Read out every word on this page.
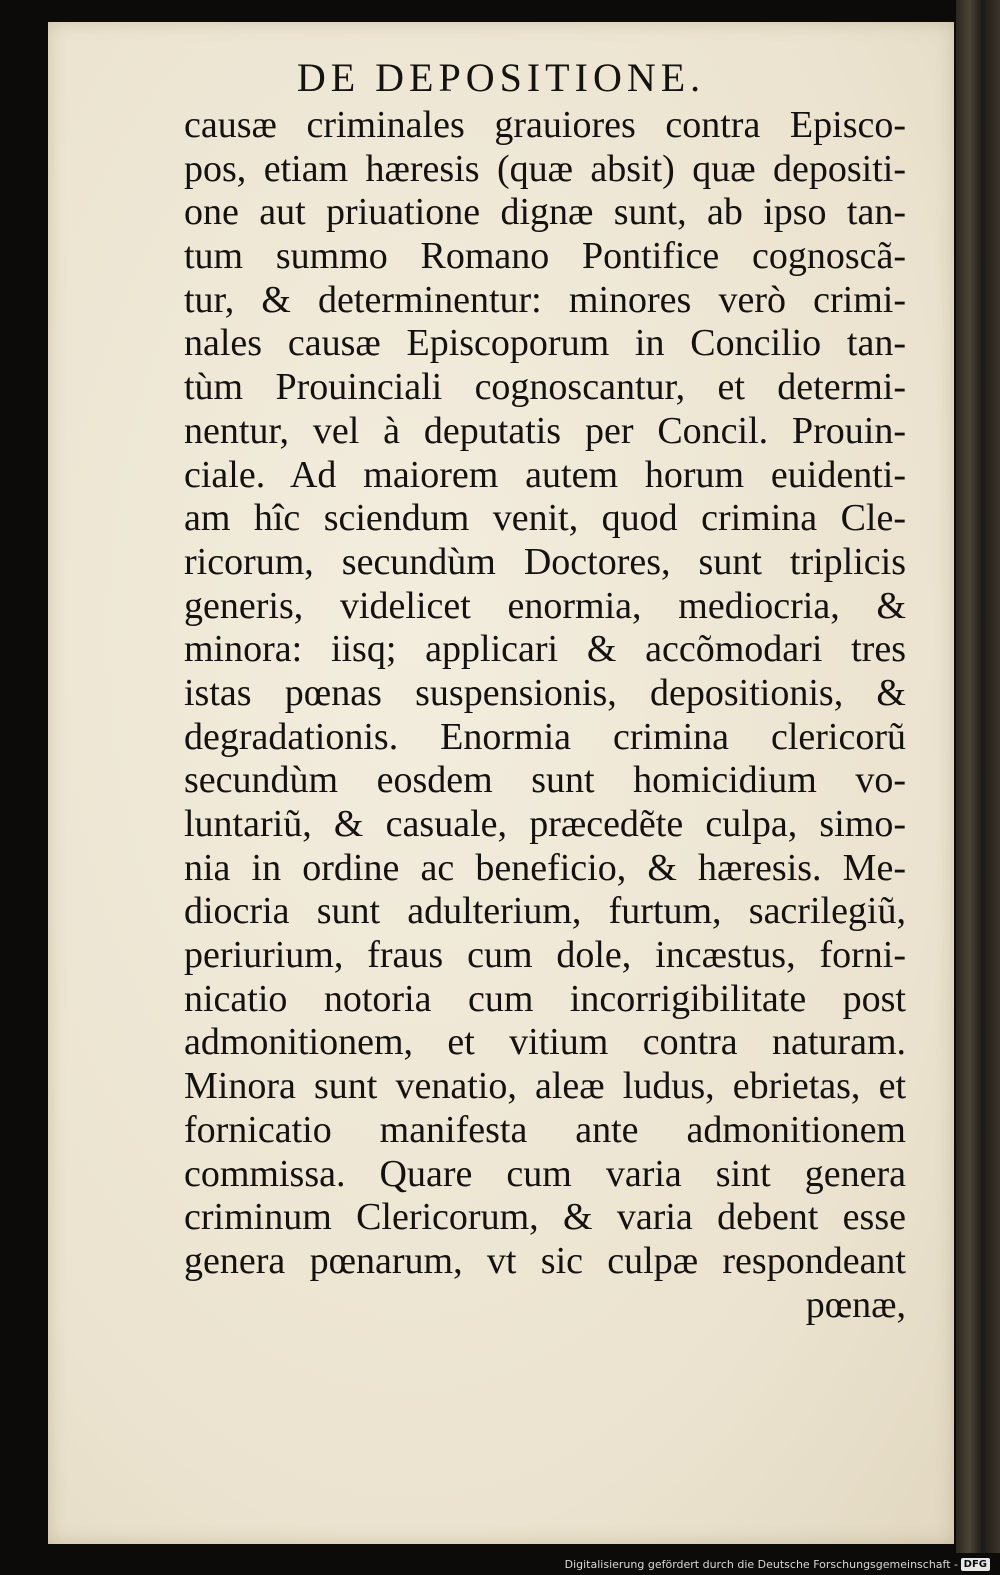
DE DEPOSITIONE.
causæ criminales grauiores contra Episco-
pos, etiam hæresis (quæ absit) quæ depositi-
one aut priuatione dignæ sunt, ab ipso tan-
tum summo Romano Pontifice cognoscã-
tur, & determinentur: minores verò crimi-
nales causæ Episcoporum in Concilio tan-
tùm Prouinciali cognoscantur, et determi-
nentur, vel à deputatis per Concil. Prouin-
ciale. Ad maiorem autem horum euidenti-
am hîc sciendum venit, quod crimina Cle-
ricorum, secundùm Doctores, sunt triplicis
generis, videlicet enormia, mediocria, &
minora: iisq; applicari & accõmodari tres
istas pœnas suspensionis, depositionis, &
degradationis. Enormia crimina clericorũ
secundùm eosdem sunt homicidium vo-
luntariũ, & casuale, præcedẽte culpa, simo-
nia in ordine ac beneficio, & hæresis. Me-
diocria sunt adulterium, furtum, sacrilegiũ,
periurium, fraus cum dole, incæstus, forni-
nicatio notoria cum incorrigibilitate post
admonitionem, et vitium contra naturam.
Minora sunt venatio, aleæ ludus, ebrietas, et
fornicatio manifesta ante admonitionem
commissa. Quare cum varia sint genera
criminum Clericorum, & varia debent esse
genera pœnarum, vt sic culpæ respondeant
pœnæ,
Digitalisierung gefördert durch die Deutsche Forschungsgemeinschaft - DFG
